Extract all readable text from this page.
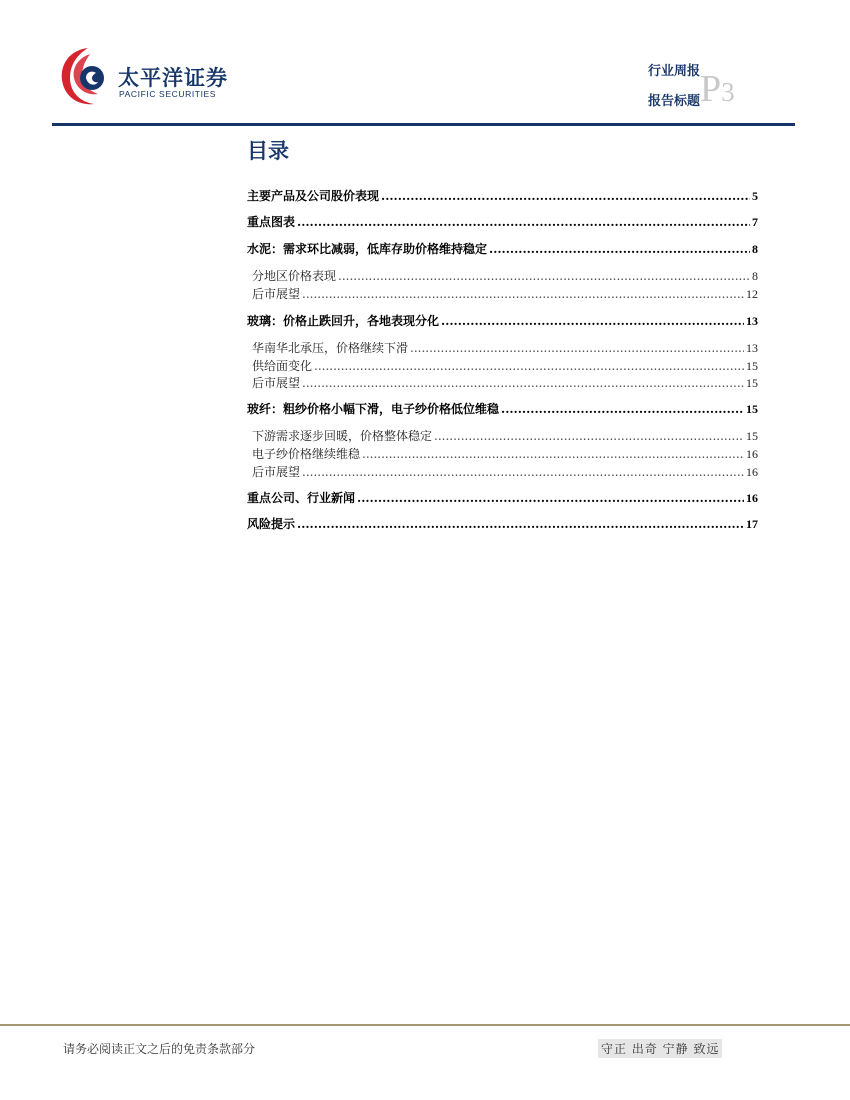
太平洋证券
PACIFIC SECURITIES
行业周报
报告标题 P3
目录
主要产品及公司股价表现 .....	5
重点图表 .....	7
水泥：需求环比减弱，低库存助价格维持稳定 .....	8
分地区价格表现 .....	8
后市展望 .....	12
玻璃：价格止跌回升，各地表现分化 .....	13
华南华北承压，价格继续下滑 .....	13
供给面变化 .....	15
后市展望 .....	15
玻纤：粗纱价格小幅下滑，电子纱价格低位维稳 .....	15
下游需求逐步回暖，价格整体稳定 .....	15
电子纱价格继续维稳 .....	16
后市展望 .....	16
重点公司、行业新闻 .....	16
风险提示 .....	17
请务必阅读正文之后的免责条款部分	守正 出奇 宁静 致远
